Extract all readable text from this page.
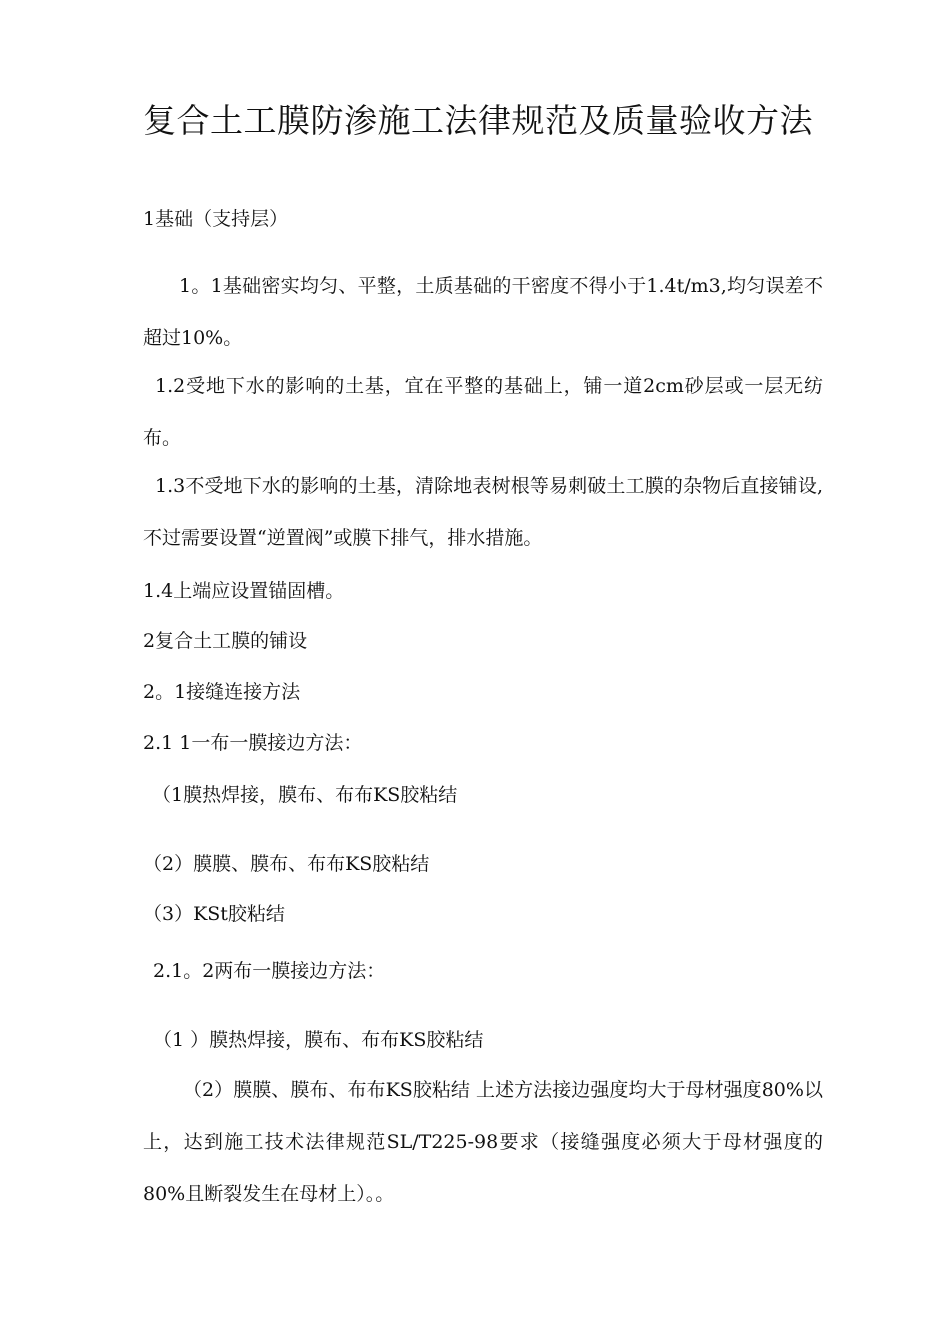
复合土工膜防渗施工法律规范及质量验收方法

1基础（支持层）

1。1基础密实均匀、平整，土质基础的干密度不得小于1.4t/m3,均匀误差不超过10%。

1.2受地下水的影响的土基，宜在平整的基础上，铺一道2cm砂层或一层无纺布。

1.3不受地下水的影响的土基，清除地表树根等易刺破土工膜的杂物后直接铺设, 不过需要设置“逆置阀”或膜下排气，排水措施。

1.4上端应设置锚固槽。

2复合土工膜的铺设

2。1接缝连接方法

2.1 1一布一膜接边方法：

（1膜热焊接，膜布、布布KS胶粘结

（2）膜膜、膜布、布布KS胶粘结

（3）KSt胶粘结

2.1。2两布一膜接边方法：

（1 ）膜热焊接，膜布、布布KS胶粘结

（2）膜膜、膜布、布布KS胶粘结 上述方法接边强度均大于母材强度80%以上，达到施工技术法律规范SL/T225-98要求（接缝强度必须大于母材强度的80%且断裂发生在母材上）。。
